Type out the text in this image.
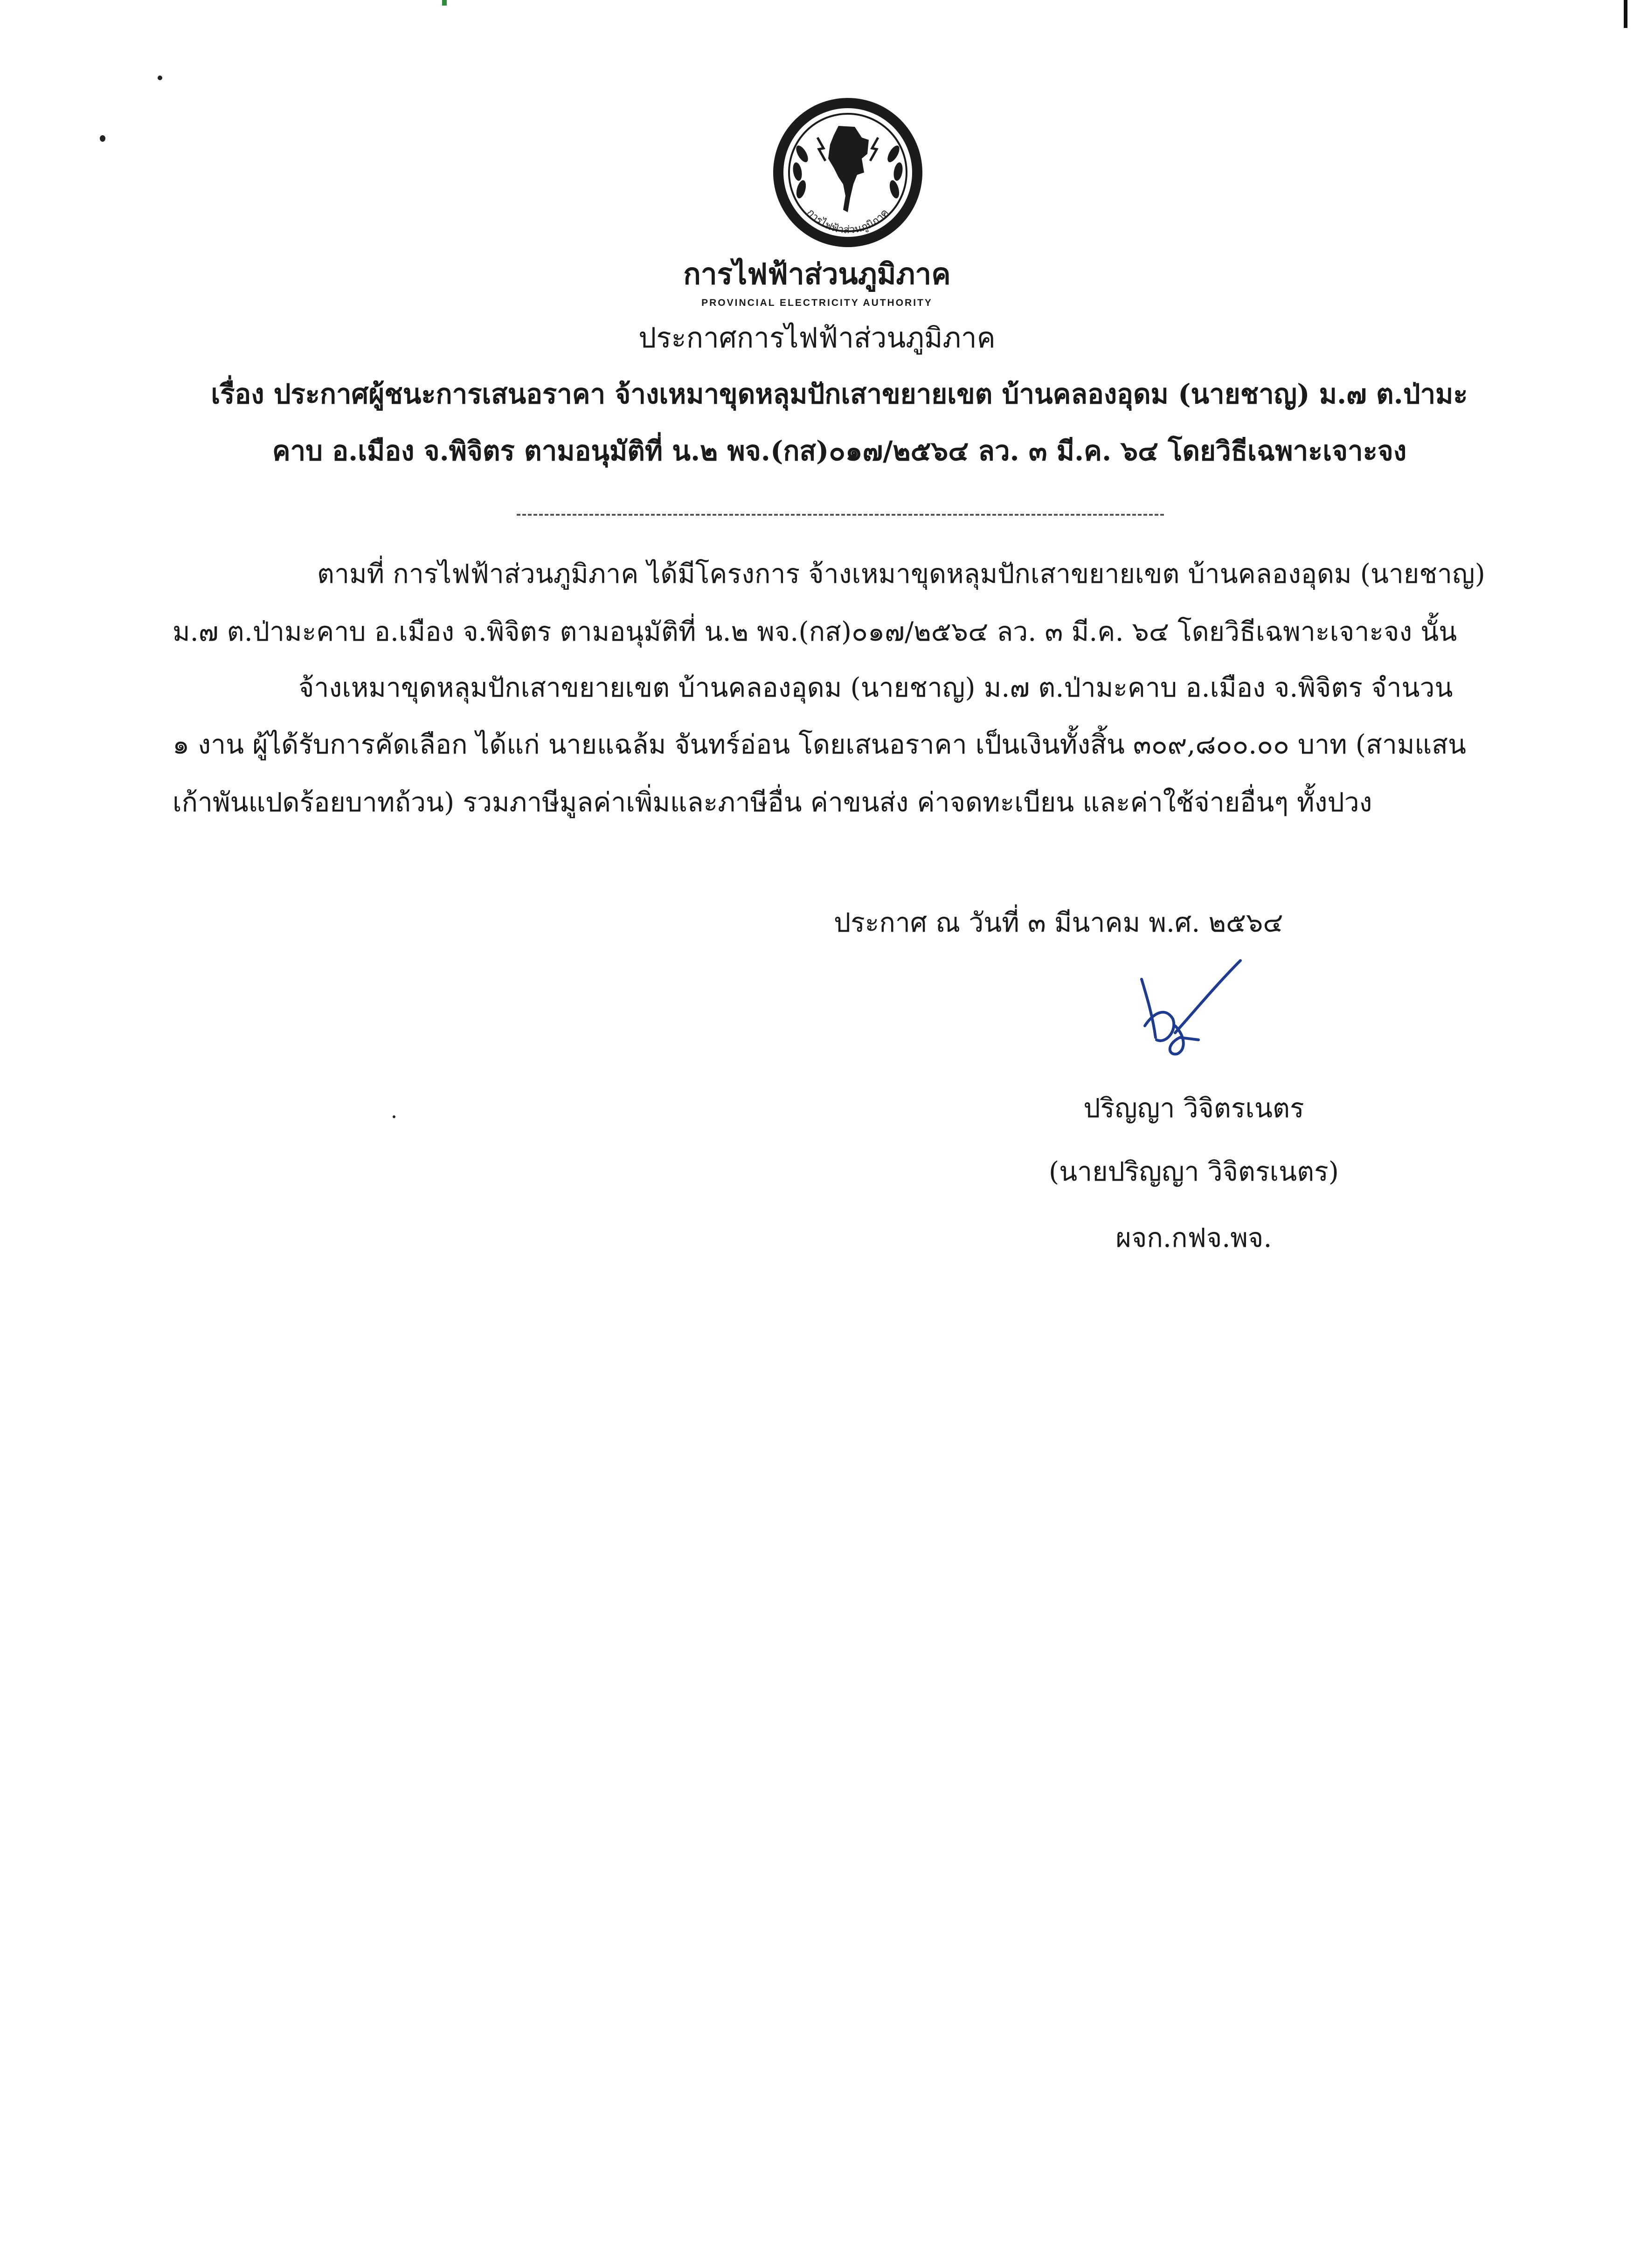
การไฟฟ้าส่วนภูมิภาค
การไฟฟ้าส่วนภูมิภาค
PROVINCIAL ELECTRICITY AUTHORITY
ประกาศการไฟฟ้าส่วนภูมิภาค
เรื่อง ประกาศผู้ชนะการเสนอราคา จ้างเหมาขุดหลุมปักเสาขยายเขต บ้านคลองอุดม (นายชาญ) ม.๗ ต.ป่ามะ
คาบ อ.เมือง จ.พิจิตร ตามอนุมัติที่ น.๒ พจ.(กส)๐๑๗/๒๕๖๔ ลว. ๓ มี.ค. ๖๔ โดยวิธีเฉพาะเจาะจง
ตามที่ การไฟฟ้าส่วนภูมิภาค ได้มีโครงการ จ้างเหมาขุดหลุมปักเสาขยายเขต บ้านคลองอุดม (นายชาญ)
ม.๗ ต.ป่ามะคาบ อ.เมือง จ.พิจิตร ตามอนุมัติที่ น.๒ พจ.(กส)๐๑๗/๒๕๖๔ ลว. ๓ มี.ค. ๖๔ โดยวิธีเฉพาะเจาะจง นั้น
จ้างเหมาขุดหลุมปักเสาขยายเขต บ้านคลองอุดม (นายชาญ) ม.๗ ต.ป่ามะคาบ อ.เมือง จ.พิจิตร จำนวน
๑ งาน ผู้ได้รับการคัดเลือก ได้แก่ นายแฉล้ม จันทร์อ่อน โดยเสนอราคา เป็นเงินทั้งสิ้น ๓๐๙,๘๐๐.๐๐ บาท (สามแสน
เก้าพันแปดร้อยบาทถ้วน) รวมภาษีมูลค่าเพิ่มและภาษีอื่น ค่าขนส่ง ค่าจดทะเบียน และค่าใช้จ่ายอื่นๆ ทั้งปวง
ประกาศ ณ วันที่ ๓ มีนาคม พ.ศ. ๒๕๖๔
ปริญญา วิจิตรเนตร
(นายปริญญา วิจิตรเนตร)
ผจก.กฟจ.พจ.
